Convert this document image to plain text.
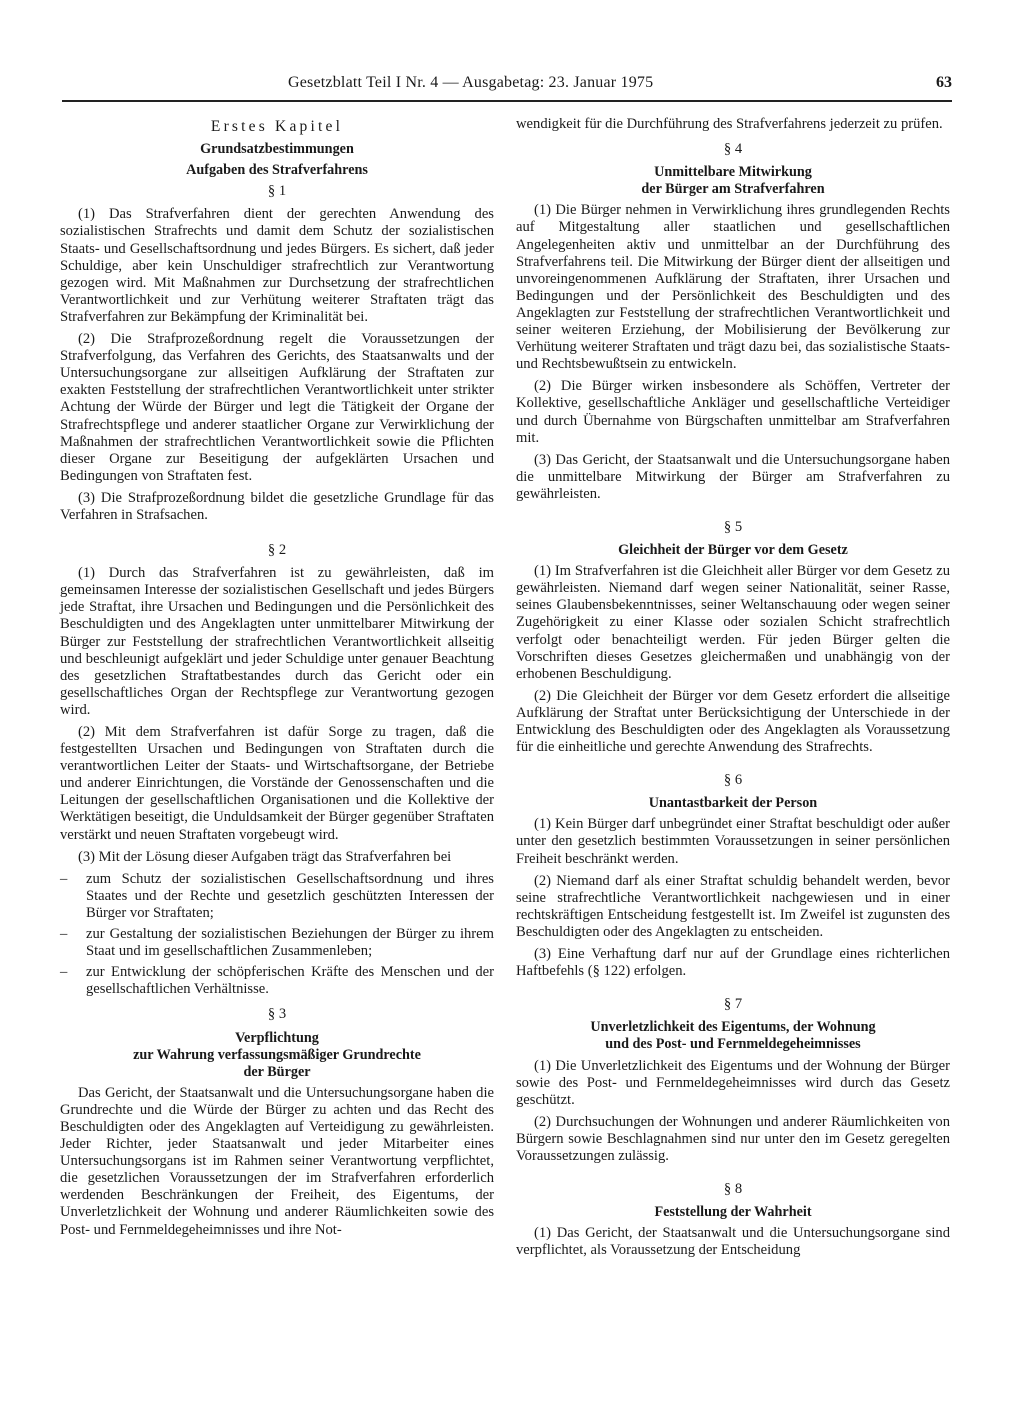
Gesetzblatt Teil I Nr. 4 — Ausgabetag: 23. Januar 1975	63
Erstes Kapitel
Grundsatzbestimmungen
Aufgaben des Strafverfahrens
§ 1

(1) Das Strafverfahren dient der gerechten Anwendung des sozialistischen Strafrechts und damit dem Schutz der sozialistischen Staats- und Gesellschaftsordnung und jedes Bürgers. Es sichert, daß jeder Schuldige, aber kein Unschuldiger strafrechtlich zur Verantwortung gezogen wird. Mit Maßnahmen zur Durchsetzung der strafrechtlichen Verantwortlichkeit und zur Verhütung weiterer Straftaten trägt das Strafverfahren zur Bekämpfung der Kriminalität bei.

(2) Die Strafprozeßordnung regelt die Voraussetzungen der Strafverfolgung, das Verfahren des Gerichts, des Staatsanwalts und der Untersuchungsorgane zur allseitigen Aufklärung der Straftaten zur exakten Feststellung der strafrechtlichen Verantwortlichkeit unter strikter Achtung der Würde der Bürger und legt die Tätigkeit der Organe der Strafrechtspflege und anderer staatlicher Organe zur Verwirklichung der Maßnahmen der strafrechtlichen Verantwortlichkeit sowie die Pflichten dieser Organe zur Beseitigung der aufgeklärten Ursachen und Bedingungen von Straftaten fest.

(3) Die Strafprozeßordnung bildet die gesetzliche Grundlage für das Verfahren in Strafsachen.

§ 2

(1) Durch das Strafverfahren ist zu gewährleisten, daß im gemeinsamen Interesse der sozialistischen Gesellschaft und jedes Bürgers jede Straftat, ihre Ursachen und Bedingungen und die Persönlichkeit des Beschuldigten und des Angeklagten unter unmittelbarer Mitwirkung der Bürger zur Feststellung der strafrechtlichen Verantwortlichkeit allseitig und beschleunigt aufgeklärt und jeder Schuldige unter genauer Beachtung des gesetzlichen Straftatbestandes durch das Gericht oder ein gesellschaftliches Organ der Rechtspflege zur Verantwortung gezogen wird.

(2) Mit dem Strafverfahren ist dafür Sorge zu tragen, daß die festgestellten Ursachen und Bedingungen von Straftaten durch die verantwortlichen Leiter der Staats- und Wirtschaftsorgane, der Betriebe und anderer Einrichtungen, die Vorstände der Genossenschaften und die Leitungen der gesellschaftlichen Organisationen und die Kollektive der Werktätigen beseitigt, die Unduldsamkeit der Bürger gegenüber Straftaten verstärkt und neuen Straftaten vorgebeugt wird.

(3) Mit der Lösung dieser Aufgaben trägt das Strafverfahren bei

– zum Schutz der sozialistischen Gesellschaftsordnung und ihres Staates und der Rechte und gesetzlich geschützten Interessen der Bürger vor Straftaten;
– zur Gestaltung der sozialistischen Beziehungen der Bürger zu ihrem Staat und im gesellschaftlichen Zusammenleben;
– zur Entwicklung der schöpferischen Kräfte des Menschen und der gesellschaftlichen Verhältnisse.
§ 3
Verpflichtung
zur Wahrung verfassungsmäßiger Grundrechte
der Bürger

Das Gericht, der Staatsanwalt und die Untersuchungsorgane haben die Grundrechte und die Würde der Bürger zu achten und das Recht des Beschuldigten oder des Angeklagten auf Verteidigung zu gewährleisten. Jeder Richter, jeder Staatsanwalt und jeder Mitarbeiter eines Untersuchungsorgans ist im Rahmen seiner Verantwortung verpflichtet, die gesetzlichen Voraussetzungen der im Strafverfahren erforderlich werdenden Beschränkungen der Freiheit, des Eigentums, der Unverletzlichkeit der Wohnung und anderer Räumlichkeiten sowie des Post- und Fernmeldegeheimnisses und ihre Not-

wendigkeit für die Durchführung des Strafverfahrens jederzeit zu prüfen.

§ 4
Unmittelbare Mitwirkung
der Bürger am Strafverfahren

(1) Die Bürger nehmen in Verwirklichung ihres grundlegenden Rechts auf Mitgestaltung aller staatlichen und gesellschaftlichen Angelegenheiten aktiv und unmittelbar an der Durchführung des Strafverfahrens teil. Die Mitwirkung der Bürger dient der allseitigen und unvoreingenommenen Aufklärung der Straftaten, ihrer Ursachen und Bedingungen und der Persönlichkeit des Beschuldigten und des Angeklagten zur Feststellung der strafrechtlichen Verantwortlichkeit und seiner weiteren Erziehung, der Mobilisierung der Bevölkerung zur Verhütung weiterer Straftaten und trägt dazu bei, das sozialistische Staats- und Rechtsbewußtsein zu entwickeln.

(2) Die Bürger wirken insbesondere als Schöffen, Vertreter der Kollektive, gesellschaftliche Ankläger und gesellschaftliche Verteidiger und durch Übernahme von Bürgschaften unmittelbar am Strafverfahren mit.

(3) Das Gericht, der Staatsanwalt und die Untersuchungsorgane haben die unmittelbare Mitwirkung der Bürger am Strafverfahren zu gewährleisten.

§ 5
Gleichheit der Bürger vor dem Gesetz

(1) Im Strafverfahren ist die Gleichheit aller Bürger vor dem Gesetz zu gewährleisten. Niemand darf wegen seiner Nationalität, seiner Rasse, seines Glaubensbekenntnisses, seiner Weltanschauung oder wegen seiner Zugehörigkeit zu einer Klasse oder sozialen Schicht strafrechtlich verfolgt oder benachteiligt werden. Für jeden Bürger gelten die Vorschriften dieses Gesetzes gleichermaßen und unabhängig von der erhobenen Beschuldigung.

(2) Die Gleichheit der Bürger vor dem Gesetz erfordert die allseitige Aufklärung der Straftat unter Berücksichtigung der Unterschiede in der Entwicklung des Beschuldigten oder des Angeklagten als Voraussetzung für die einheitliche und gerechte Anwendung des Strafrechts.

§ 6
Unantastbarkeit der Person

(1) Kein Bürger darf unbegründet einer Straftat beschuldigt oder außer unter den gesetzlich bestimmten Voraussetzungen in seiner persönlichen Freiheit beschränkt werden.

(2) Niemand darf als einer Straftat schuldig behandelt werden, bevor seine strafrechtliche Verantwortlichkeit nachgewiesen und in einer rechtskräftigen Entscheidung festgestellt ist. Im Zweifel ist zugunsten des Beschuldigten oder des Angeklagten zu entscheiden.

(3) Eine Verhaftung darf nur auf der Grundlage eines richterlichen Haftbefehls (§ 122) erfolgen.

§ 7
Unverletzlichkeit des Eigentums, der Wohnung
und des Post- und Fernmeldegeheimnisses

(1) Die Unverletzlichkeit des Eigentums und der Wohnung der Bürger sowie des Post- und Fernmeldegeheimnisses wird durch das Gesetz geschützt.

(2) Durchsuchungen der Wohnungen und anderer Räumlichkeiten von Bürgern sowie Beschlagnahmen sind nur unter den im Gesetz geregelten Voraussetzungen zulässig.

§ 8
Feststellung der Wahrheit

(1) Das Gericht, der Staatsanwalt und die Untersuchungsorgane sind verpflichtet, als Voraussetzung der Entscheidung
